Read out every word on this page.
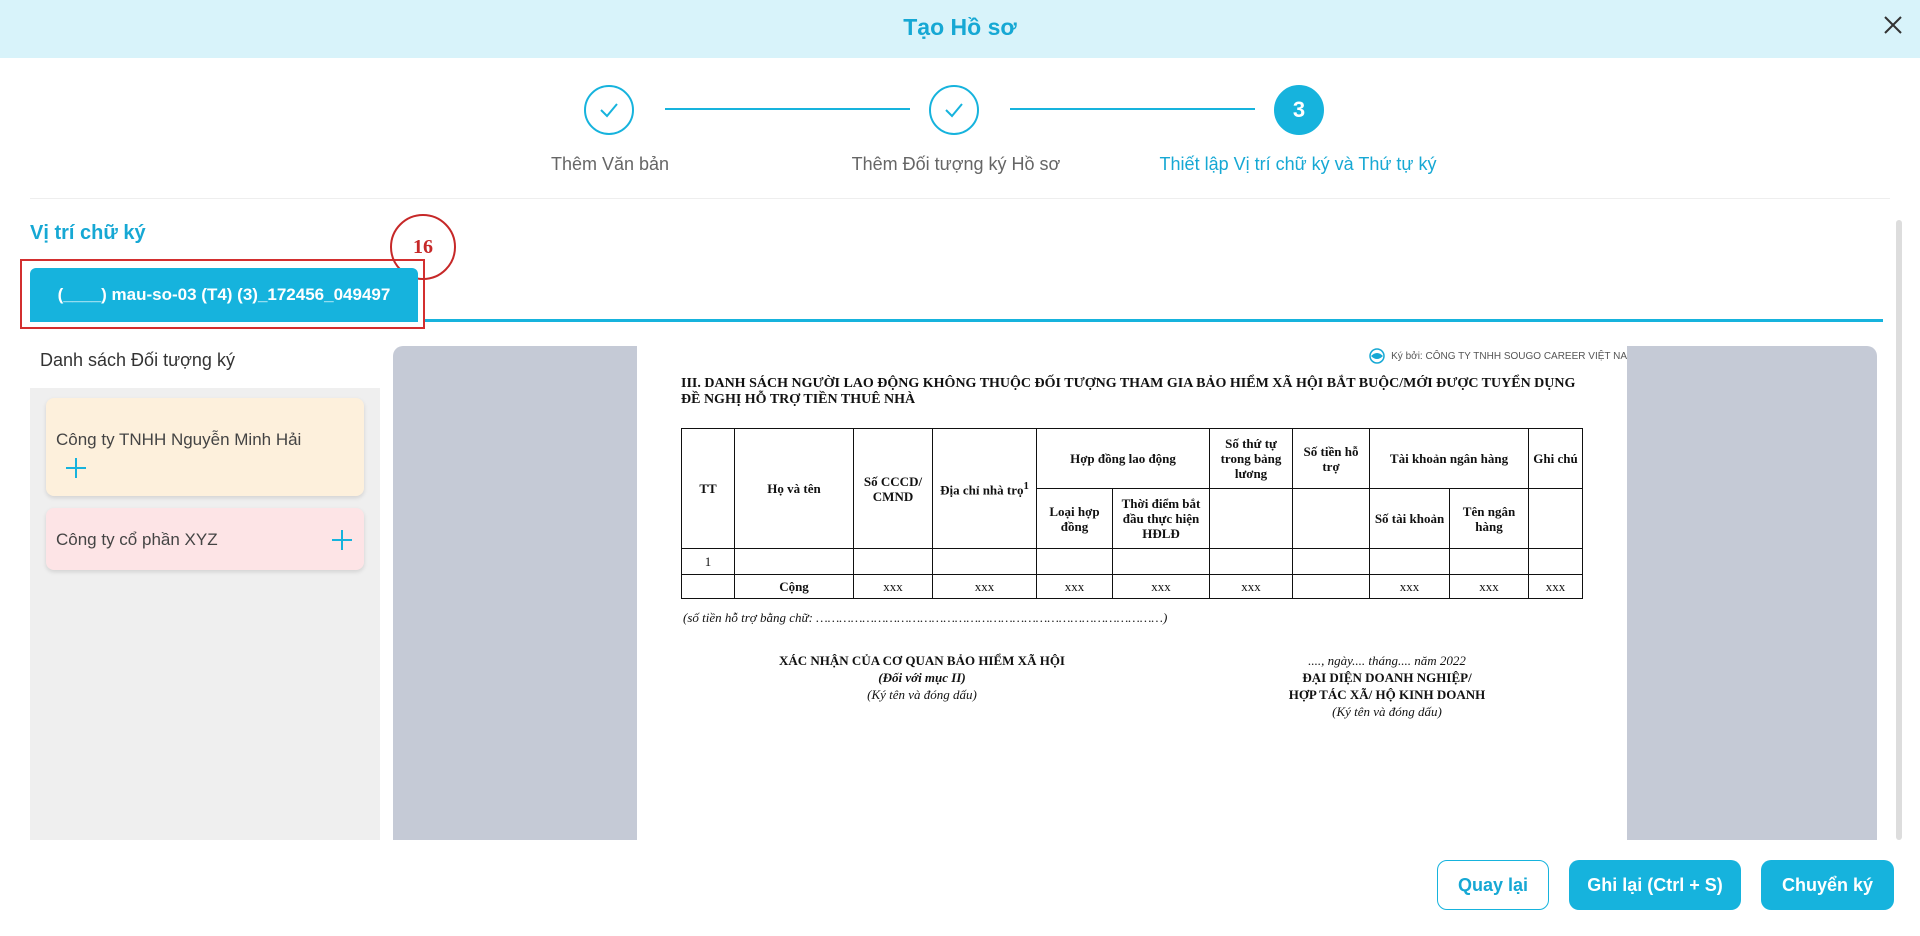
Tạo Hồ sơ
3
Thêm Văn bản	Thêm Đối tượng ký Hồ sơ	Thiết lập Vị trí chữ ký và Thứ tự ký
Vị trí chữ ký
16
(____) mau-so-03 (T4) (3)_172456_049497
Danh sách Đối tượng ký
Công ty TNHH Nguyễn Minh Hải
Công ty cổ phần XYZ
Ký bởi: CÔNG TY TNHH SOUGO CAREER VIỆT NA
III. DANH SÁCH NGƯỜI LAO ĐỘNG KHÔNG THUỘC ĐỐI TƯỢNG THAM GIA BẢO HIỂM XÃ HỘI BẮT BUỘC/MỚI ĐƯỢC TUYỂN DỤNG ĐỀ NGHỊ HỖ TRỢ TIỀN THUÊ NHÀ
TT	Họ và tên	Số CCCD/ CMND	Địa chỉ nhà trọ$^1$	Hợp đồng lao động		Số thứ tự trong bảng lương	Số tiền hỗ trợ	Tài khoản ngân hàng		Ghi chú
				Loại hợp đồng	Thời điểm bắt đầu thực hiện HĐLĐ			Số tài khoản	Tên ngân hàng	
1										
	Cộng	xxx	xxx	xxx	xxx	xxx		xxx	xxx	xxx
(số tiền hỗ trợ bằng chữ: ………………………………………………………………………………)
XÁC NHẬN CỦA CƠ QUAN BẢO HIỂM XÃ HỘI
(Đối với mục II)
(Ký tên và đóng dấu)
...., ngày.... tháng.... năm 2022
ĐẠI DIỆN DOANH NGHIỆP/
HỢP TÁC XÃ/ HỘ KINH DOANH
(Ký tên và đóng dấu)
Quay lại	Ghi lại (Ctrl + S)	Chuyển ký
